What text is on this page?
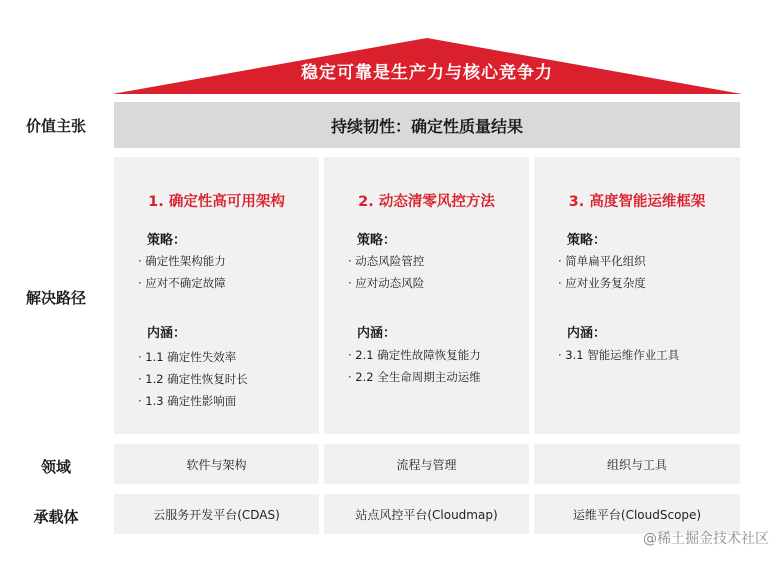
稳定可靠是生产力与核心竞争力
价值主张
解决路径
领域
承载体
持续韧性：确定性质量结果
1. 确定性高可用架构
策略：
· 确定性架构能力
· 应对不确定故障
内涵：
· 1.1 确定性失效率
· 1.2 确定性恢复时长
· 1.3 确定性影响面
2. 动态清零风控方法
策略：
· 动态风险管控
· 应对动态风险
内涵：
· 2.1 确定性故障恢复能力
· 2.2 全生命周期主动运维
3. 高度智能运维框架
策略：
· 简单扁平化组织
· 应对业务复杂度
内涵：
· 3.1 智能运维作业工具
软件与架构	流程与管理	组织与工具
云服务开发平台(CDAS)	站点风控平台(Cloudmap)	运维平台(CloudScope)
@稀土掘金技术社区
